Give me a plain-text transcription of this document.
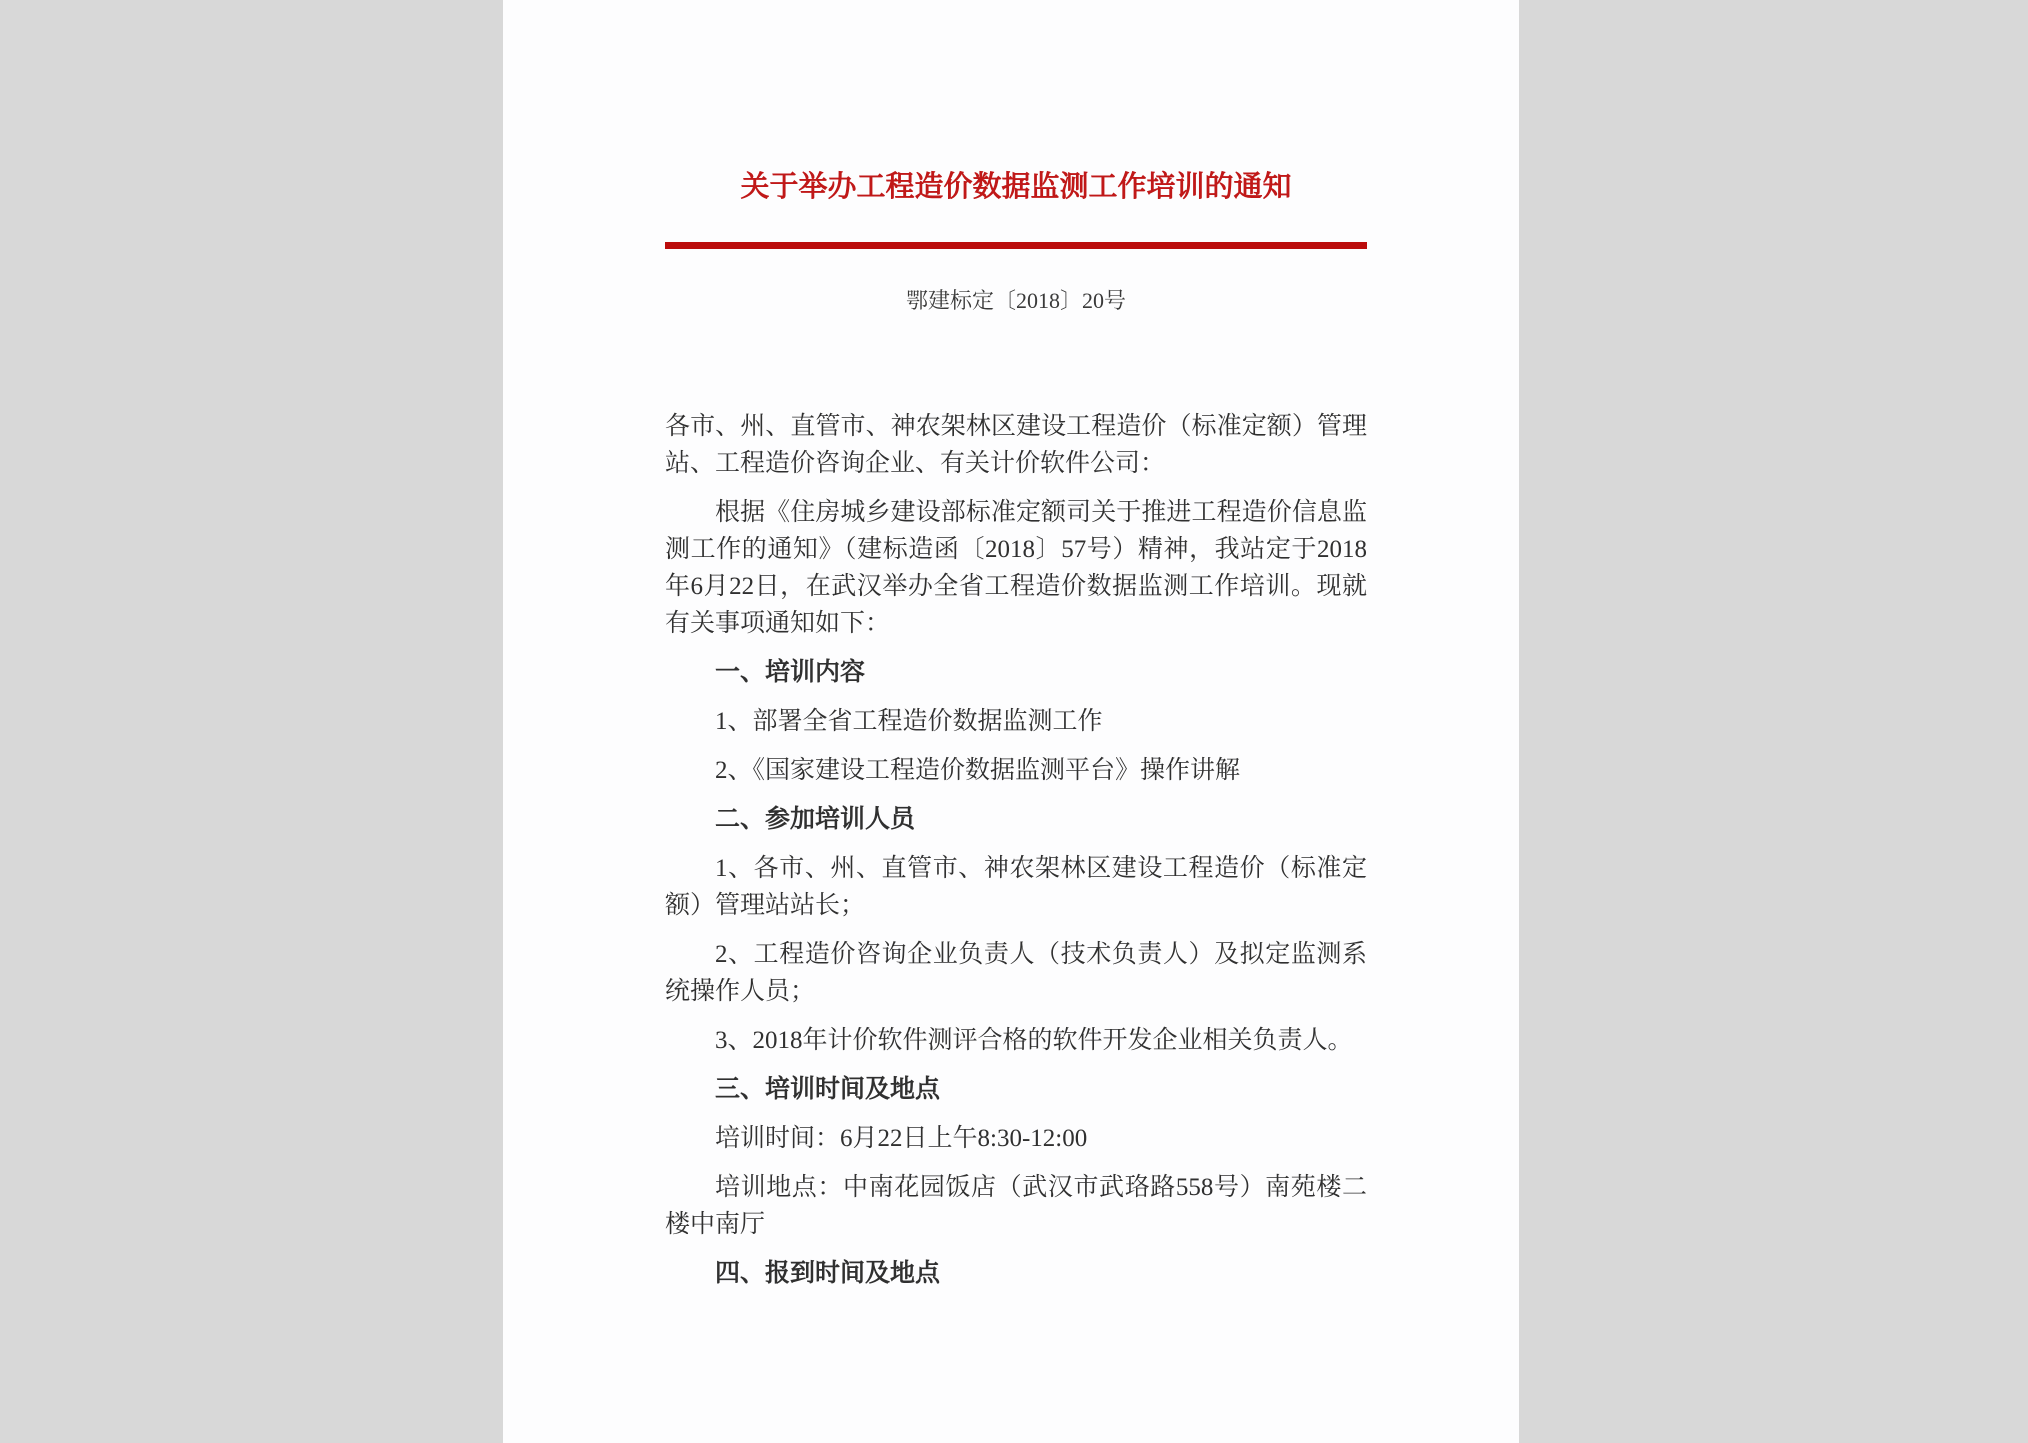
关于举办工程造价数据监测工作培训的通知
鄂建标定〔2018〕20号

各市、州、直管市、神农架林区建设工程造价（标准定额）管理站、工程造价咨询企业、有关计价软件公司：

根据《住房城乡建设部标准定额司关于推进工程造价信息监测工作的通知》（建标造函〔2018〕57号）精神，我站定于2018年6月22日，在武汉举办全省工程造价数据监测工作培训。现就有关事项通知如下：

一、培训内容

1、部署全省工程造价数据监测工作

2、《国家建设工程造价数据监测平台》操作讲解

二、参加培训人员

1、各市、州、直管市、神农架林区建设工程造价（标准定额）管理站站长；

2、工程造价咨询企业负责人（技术负责人）及拟定监测系统操作人员；

3、2018年计价软件测评合格的软件开发企业相关负责人。

三、培训时间及地点

培训时间：6月22日上午8:30-12:00

培训地点：中南花园饭店（武汉市武珞路558号）南苑楼二楼中南厅

四、报到时间及地点
